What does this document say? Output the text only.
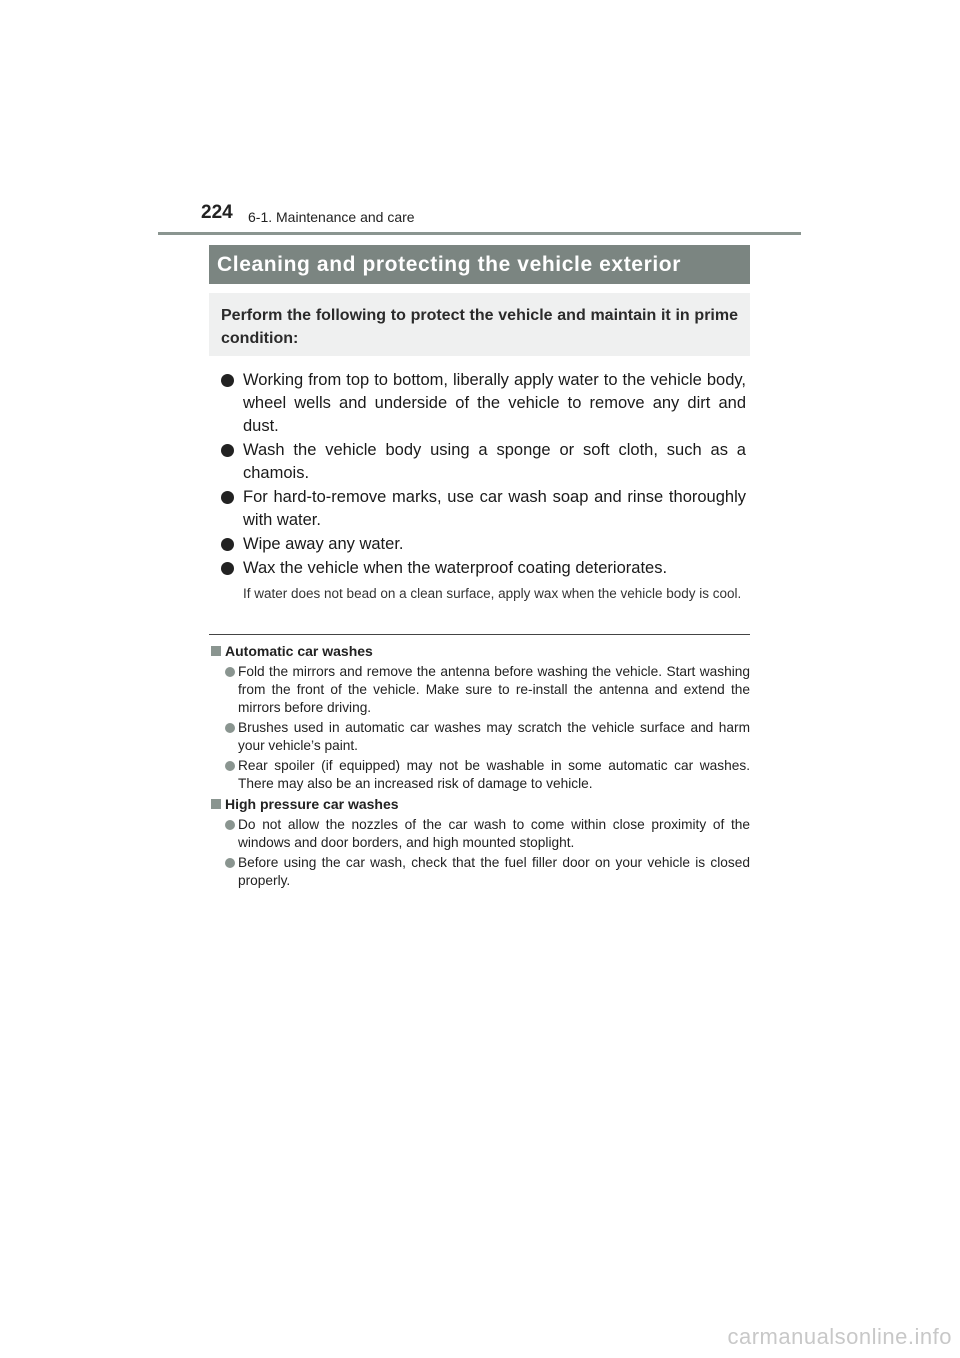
224 6-1. Maintenance and care
Cleaning and protecting the vehicle exterior
Perform the following to protect the vehicle and maintain it in prime condition:
Working from top to bottom, liberally apply water to the vehicle body, wheel wells and underside of the vehicle to remove any dirt and dust.
Wash the vehicle body using a sponge or soft cloth, such as a chamois.
For hard-to-remove marks, use car wash soap and rinse thoroughly with water.
Wipe away any water.
Wax the vehicle when the waterproof coating deteriorates.
If water does not bead on a clean surface, apply wax when the vehicle body is cool.
Automatic car washes
Fold the mirrors and remove the antenna before washing the vehicle. Start washing from the front of the vehicle. Make sure to re-install the antenna and extend the mirrors before driving.
Brushes used in automatic car washes may scratch the vehicle surface and harm your vehicle’s paint.
Rear spoiler (if equipped) may not be washable in some automatic car washes. There may also be an increased risk of damage to vehicle.
High pressure car washes
Do not allow the nozzles of the car wash to come within close proximity of the windows and door borders, and high mounted stoplight.
Before using the car wash, check that the fuel filler door on your vehicle is closed properly.
carmanualsonline.info
